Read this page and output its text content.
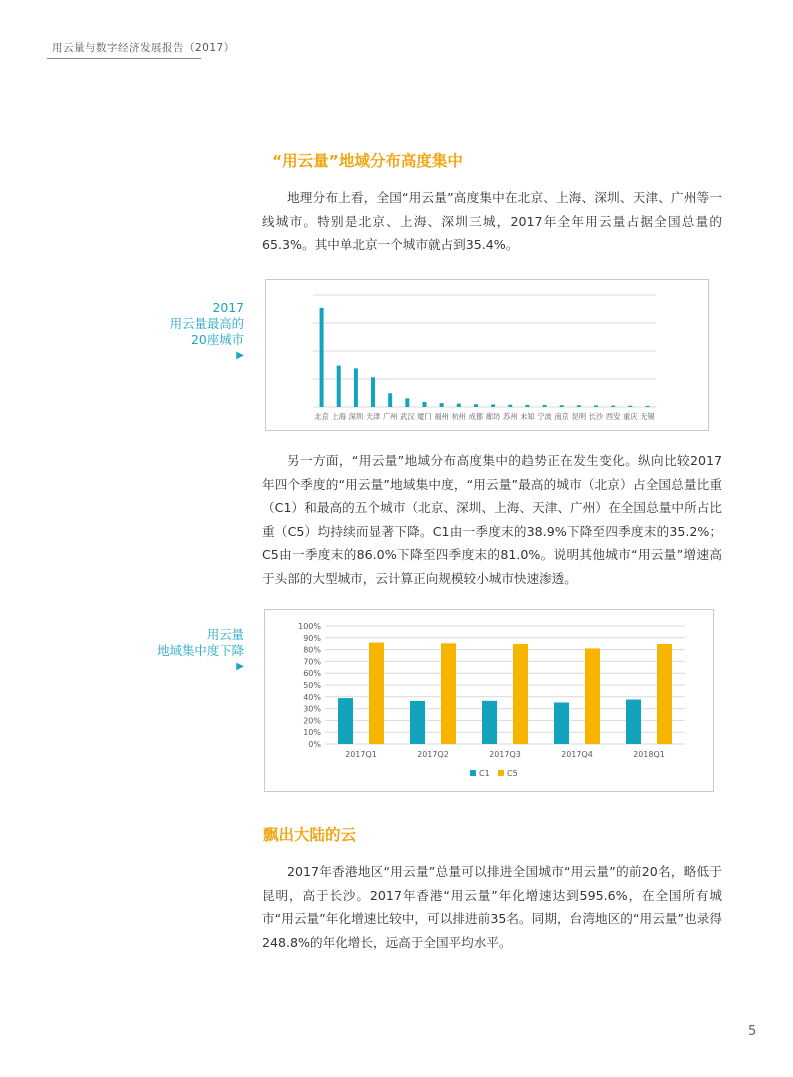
用云量与数字经济发展报告（2017）
“用云量”地域分布高度集中

地理分布上看，全国“用云量”高度集中在北京、上海、深圳、天津、广州等一线城市。特别是北京、上海、深圳三城，2017年全年用云量占据全国总量的65.3%。其中单北京一个城市就占到35.4%。

2017
用云量最高的
20座城市
▶
北京 上海 深圳 天津 广州 武汉 厦门 福州 杭州 成都 廊坊 苏州 未知 宁波 南京 昆明 长沙 西安 重庆 无锡

另一方面，“用云量”地域分布高度集中的趋势正在发生变化。纵向比较2017年四个季度的“用云量”地域集中度，“用云量”最高的城市（北京）占全国总量比重（C1）和最高的五个城市（北京、深圳、上海、天津、广州）在全国总量中所占比重（C5）均持续而显著下降。C1由一季度末的38.9%下降至四季度末的35.2%；C5由一季度末的86.0%下降至四季度末的81.0%。说明其他城市“用云量”增速高于头部的大型城市，云计算正向规模较小城市快速渗透。

用云量
地域集中度下降
▶
0%
10%
20%
30%
40%
50%
60%
70%
80%
90%
100%
2017Q1	2017Q2	2017Q3	2017Q4	2018Q1
C1 C5
飘出大陆的云

2017年香港地区“用云量”总量可以排进全国城市“用云量”的前20名，略低于昆明，高于长沙。2017年香港“用云量”年化增速达到595.6%，在全国所有城市“用云量”年化增速比较中，可以排进前35名。同期，台湾地区的“用云量”也录得248.8%的年化增长，远高于全国平均水平。

5
